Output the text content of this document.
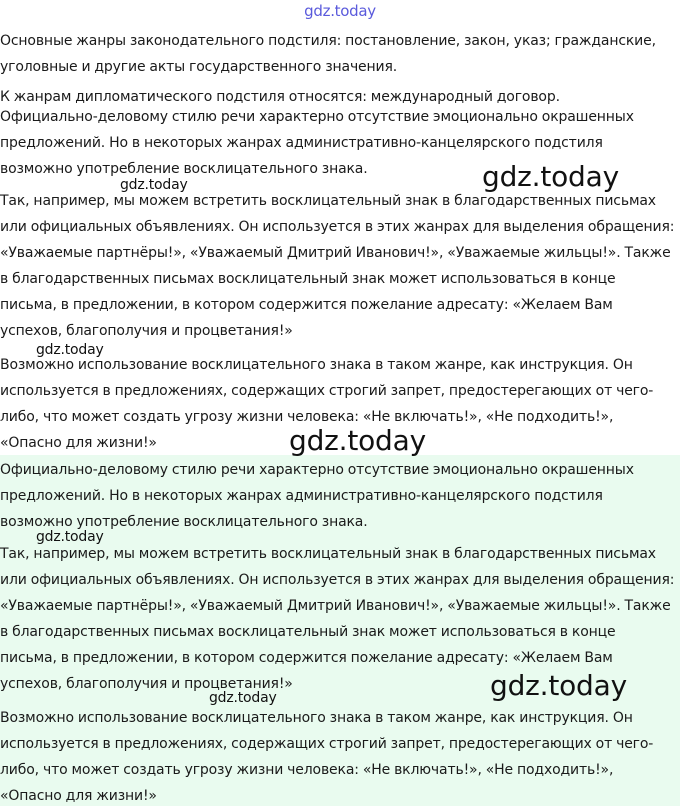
gdz.today

Основные жанры законодательного подстиля: постановление, закон, указ; гражданские, уголовные и другие акты государственного значения.

К жанрам дипломатического подстиля относятся: международный договор.

Официально-деловому стилю речи характерно отсутствие эмоционально окрашенных предложений. Но в некоторых жанрах административно-канцелярского подстиля возможно употребление восклицательного знака.

Так, например, мы можем встретить восклицательный знак в благодарственных письмах или официальных объявлениях. Он используется в этих жанрах для выделения обращения: «Уважаемые партнёры!», «Уважаемый Дмитрий Иванович!», «Уважаемые жильцы!». Также в благодарственных письмах восклицательный знак может использоваться в конце письма, в предложении, в котором содержится пожелание адресату: «Желаем Вам успехов, благополучия и процветания!»

Возможно использование восклицательного знака в таком жанре, как инструкция. Он используется в предложениях, содержащих строгий запрет, предостерегающих от чего-либо, что может создать угрозу жизни человека: «Не включать!», «Не подходить!», «Опасно для жизни!»

Официально-деловому стилю речи характерно отсутствие эмоционально окрашенных предложений. Но в некоторых жанрах административно-канцелярского подстиля возможно употребление восклицательного знака.

Так, например, мы можем встретить восклицательный знак в благодарственных письмах или официальных объявлениях. Он используется в этих жанрах для выделения обращения: «Уважаемые партнёры!», «Уважаемый Дмитрий Иванович!», «Уважаемые жильцы!». Также в благодарственных письмах восклицательный знак может использоваться в конце письма, в предложении, в котором содержится пожелание адресату: «Желаем Вам успехов, благополучия и процветания!»

Возможно использование восклицательного знака в таком жанре, как инструкция. Он используется в предложениях, содержащих строгий запрет, предостерегающих от чего-либо, что может создать угрозу жизни человека: «Не включать!», «Не подходить!», «Опасно для жизни!»

gdz.today	gdz.today
gdz.today
gdz.today
gdz.today
gdz.today
gdz.today
